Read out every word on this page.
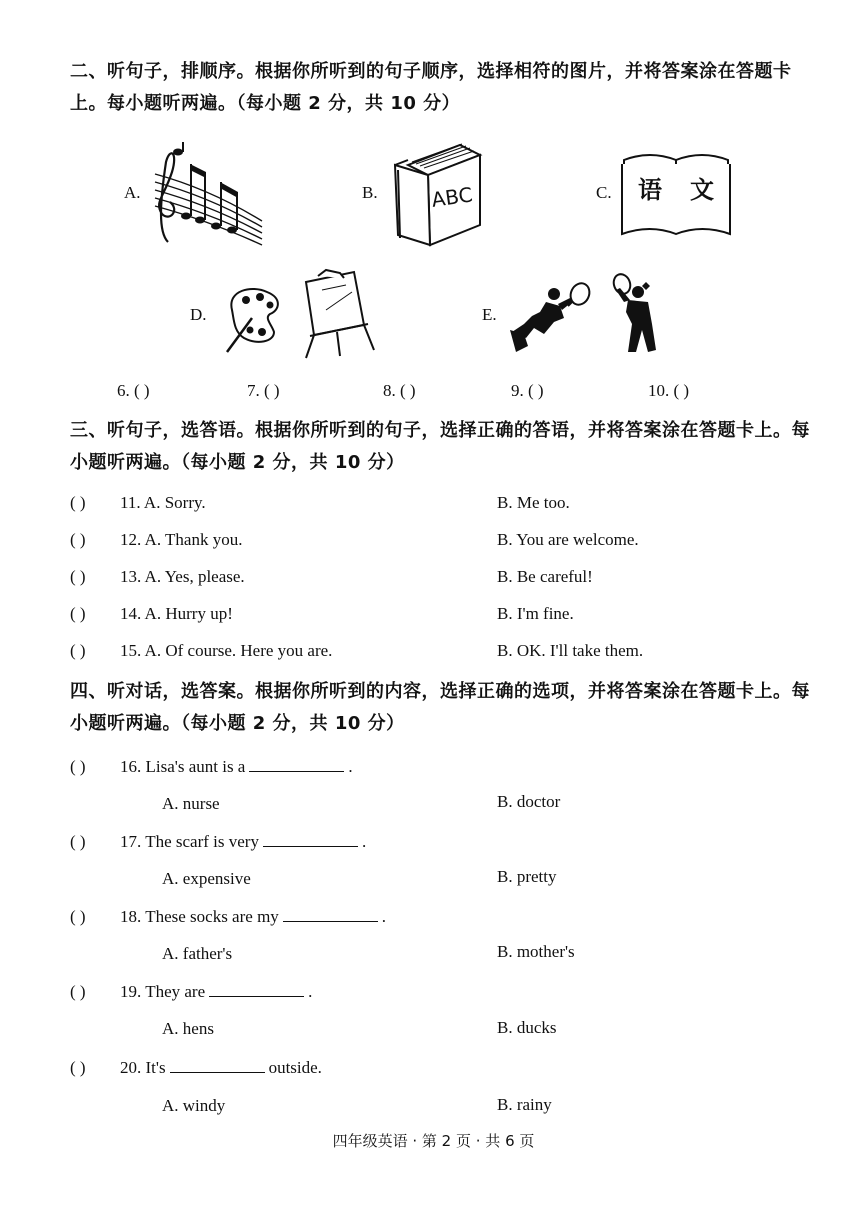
二、听句子，排顺序。根据你所听到的句子顺序，选择相符的图片，并将答案涂在答题卡上。每小题听两遍。（每小题 2 分，共 10 分）
A.	B.	ABC	C. 语 文
D.	E.
6. ( )	7. ( )	8. ( )	9. ( )	10. ( )
三、听句子，选答语。根据你所听到的句子，选择正确的答语，并将答案涂在答题卡上。每小题听两遍。（每小题 2 分，共 10 分）
( ) 11. A. Sorry.	B. Me too.
( ) 12. A. Thank you.	B. You are welcome.
( ) 13. A. Yes, please.	B. Be careful!
( ) 14. A. Hurry up!	B. I'm fine.
( ) 15. A. Of course. Here you are.	B. OK. I'll take them.
四、听对话，选答案。根据你所听到的内容，选择正确的选项，并将答案涂在答题卡上。每小题听两遍。（每小题 2 分，共 10 分）
( ) 16. Lisa's aunt is a	.
A. nurse	B. doctor
( ) 17. The scarf is very	.
A. expensive	B. pretty
( ) 18. These socks are my	.
A. father's	B. mother's
( ) 19. They are	.
A. hens	B. ducks
( ) 20. It's	outside.
A. windy	B. rainy
四年级英语 · 第 2 页 · 共 6 页
